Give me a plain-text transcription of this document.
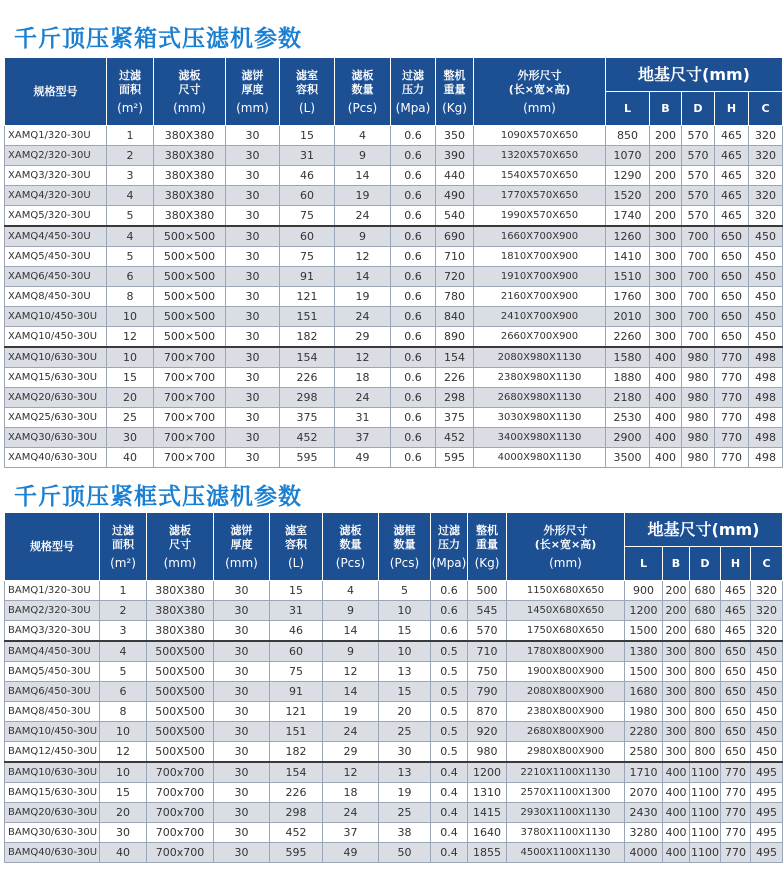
千斤顶压紧箱式压滤机参数
规格型号	过滤
面积
(m²)	滤板
尺寸
(mm)	滤饼
厚度
(mm)	滤室
容积
(L)	滤板
数量
(Pcs)	过滤
压力
(Mpa)	整机
重量
(Kg)	外形尺寸
(长×宽×高)
(mm)	地基尺寸(mm)				
									L	B	D	H	C
XAMQ1/320-30U	1	380X380	30	15	4	0.6	350	1090X570X650	850	200	570	465	320
XAMQ2/320-30U	2	380X380	30	31	9	0.6	390	1320X570X650	1070	200	570	465	320
XAMQ3/320-30U	3	380X380	30	46	14	0.6	440	1540X570X650	1290	200	570	465	320
XAMQ4/320-30U	4	380X380	30	60	19	0.6	490	1770X570X650	1520	200	570	465	320
XAMQ5/320-30U	5	380X380	30	75	24	0.6	540	1990X570X650	1740	200	570	465	320
XAMQ4/450-30U	4	500×500	30	60	9	0.6	690	1660X700X900	1260	300	700	650	450
XAMQ5/450-30U	5	500×500	30	75	12	0.6	710	1810X700X900	1410	300	700	650	450
XAMQ6/450-30U	6	500×500	30	91	14	0.6	720	1910X700X900	1510	300	700	650	450
XAMQ8/450-30U	8	500×500	30	121	19	0.6	780	2160X700X900	1760	300	700	650	450
XAMQ10/450-30U	10	500×500	30	151	24	0.6	840	2410X700X900	2010	300	700	650	450
XAMQ10/450-30U	12	500×500	30	182	29	0.6	890	2660X700X900	2260	300	700	650	450
XAMQ10/630-30U	10	700×700	30	154	12	0.6	154	2080X980X1130	1580	400	980	770	498
XAMQ15/630-30U	15	700×700	30	226	18	0.6	226	2380X980X1130	1880	400	980	770	498
XAMQ20/630-30U	20	700×700	30	298	24	0.6	298	2680X980X1130	2180	400	980	770	498
XAMQ25/630-30U	25	700×700	30	375	31	0.6	375	3030X980X1130	2530	400	980	770	498
XAMQ30/630-30U	30	700×700	30	452	37	0.6	452	3400X980X1130	2900	400	980	770	498
XAMQ40/630-30U	40	700×700	30	595	49	0.6	595	4000X980X1130	3500	400	980	770	498
千斤顶压紧框式压滤机参数
规格型号	过滤
面积
(m²)	滤板
尺寸
(mm)	滤饼
厚度
(mm)	滤室
容积
(L)	滤板
数量
(Pcs)	滤框
数量
(Pcs)	过滤
压力
(Mpa)	整机
重量
(Kg)	外形尺寸
(长×宽×高)
(mm)	地基尺寸(mm)				
										L	B	D	H	C
BAMQ1/320-30U	1	380X380	30	15	4	5	0.6	500	1150X680X650	900	200	680	465	320
BAMQ2/320-30U	2	380X380	30	31	9	10	0.6	545	1450X680X650	1200	200	680	465	320
BAMQ3/320-30U	3	380X380	30	46	14	15	0.6	570	1750X680X650	1500	200	680	465	320
BAMQ4/450-30U	4	500X500	30	60	9	10	0.5	710	1780X800X900	1380	300	800	650	450
BAMQ5/450-30U	5	500X500	30	75	12	13	0.5	750	1900X800X900	1500	300	800	650	450
BAMQ6/450-30U	6	500X500	30	91	14	15	0.5	790	2080X800X900	1680	300	800	650	450
BAMQ8/450-30U	8	500X500	30	121	19	20	0.5	870	2380X800X900	1980	300	800	650	450
BAMQ10/450-30U	10	500X500	30	151	24	25	0.5	920	2680X800X900	2280	300	800	650	450
BAMQ12/450-30U	12	500X500	30	182	29	30	0.5	980	2980X800X900	2580	300	800	650	450
BAMQ10/630-30U	10	700x700	30	154	12	13	0.4	1200	2210X1100X1130	1710	400	1100	770	495
BAMQ15/630-30U	15	700x700	30	226	18	19	0.4	1310	2570X1100X1300	2070	400	1100	770	495
BAMQ20/630-30U	20	700x700	30	298	24	25	0.4	1415	2930X1100X1130	2430	400	1100	770	495
BAMQ30/630-30U	30	700x700	30	452	37	38	0.4	1640	3780X1100X1130	3280	400	1100	770	495
BAMQ40/630-30U	40	700x700	30	595	49	50	0.4	1855	4500X1100X1130	4000	400	1100	770	495
